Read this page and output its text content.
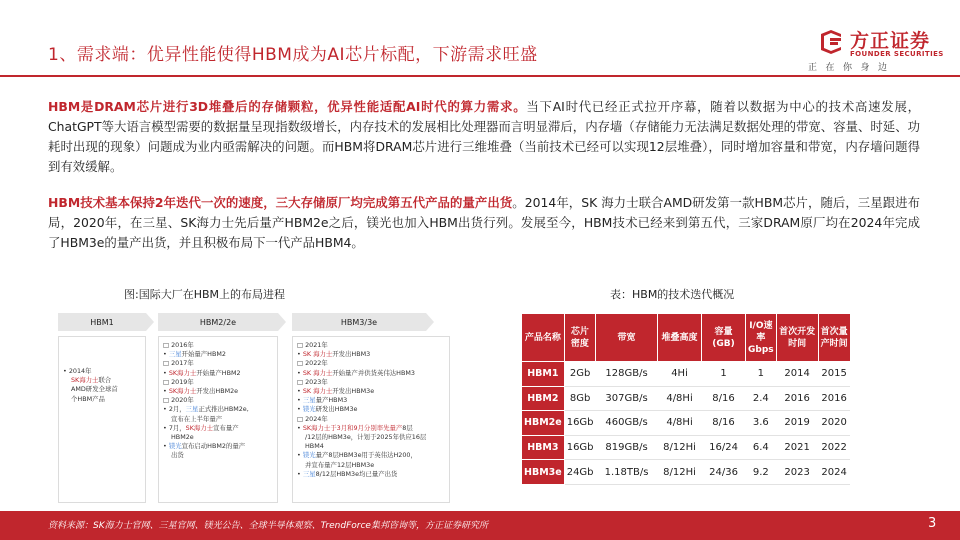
1、需求端：优异性能使得HBM成为AI芯片标配，下游需求旺盛
方正证券
FOUNDER SECURITIES
正在你身边
HBM是DRAM芯片进行3D堆叠后的存储颗粒，优异性能适配AI时代的算力需求。当下AI时代已经正式拉开序幕，随着以数据为中心的技术高速发展，ChatGPT等大语言模型需要的数据量呈现指数级增长，内存技术的发展相比处理器而言明显滞后，内存墙（存储能力无法满足数据处理的带宽、容量、时延、功耗时出现的现象）问题成为业内亟需解决的问题。而HBM将DRAM芯片进行三维堆叠（当前技术已经可以实现12层堆叠），同时增加容量和带宽，内存墙问题得到有效缓解。
HBM技术基本保持2年迭代一次的速度，三大存储原厂均完成第五代产品的量产出货。2014年，SK 海力士联合AMD研发第一款HBM芯片，随后，三星跟进布局，2020年，在三星、SK海力士先后量产HBM2e之后，镁光也加入HBM出货行列。发展至今，HBM技术已经来到第五代，三家DRAM原厂均在2024年完成了HBM3e的量产出货，并且积极布局下一代产品HBM4。
图:国际大厂在HBM上的布局进程	表：HBM的技术迭代概况
HBM1	HBM2/2e	HBM3/3e
• 2014年
SK海力士联合
AMD研发全球首
个HBM产品
□ 2016年
• 三星开始量产HBM2
□ 2017年
• SK海力士开始量产HBM2
□ 2019年
• SK海力士开发出HBM2e
□ 2020年
• 2月，三星正式推出HBM2e,
宣布在上半年量产
• 7月，SK海力士宣布量产
HBM2e
• 镁光宣布启动HBM2的量产
出货
□ 2021年
• SK 海力士开发出HBM3
□ 2022年
• SK 海力士开始量产并供货英伟达HBM3
□ 2023年
• SK 海力士开发出HBM3e
• 三星量产HBM3
• 镁光研发出HBM3e
□ 2024年
• SK海力士于3月和9月分别率先量产8层
/12层的HBM3e，计划于2025年供应16层
HBM4
• 镁光量产8层HBM3e用于英伟达H200，
并宣布量产12层HBM3e
• 三星8/12层HBM3e均已量产出货
产品名称	芯片密度	带宽	堆叠高度	容量(GB)	I/O速率Gbps	首次开发时间	首次量产时间
HBM1	2Gb	128GB/s	4Hi	1	1	2014	2015
HBM2	8Gb	307GB/s	4/8Hi	8/16	2.4	2016	2016
HBM2e	16Gb	460GB/s	4/8Hi	8/16	3.6	2019	2020
HBM3	16Gb	819GB/s	8/12Hi	16/24	6.4	2021	2022
HBM3e	24Gb	1.18TB/s	8/12Hi	24/36	9.2	2023	2024
资料来源：SK海力士官网、三星官网、镁光公告、全球半导体观察、TrendForce集邦咨询等，方正证券研究所	3
